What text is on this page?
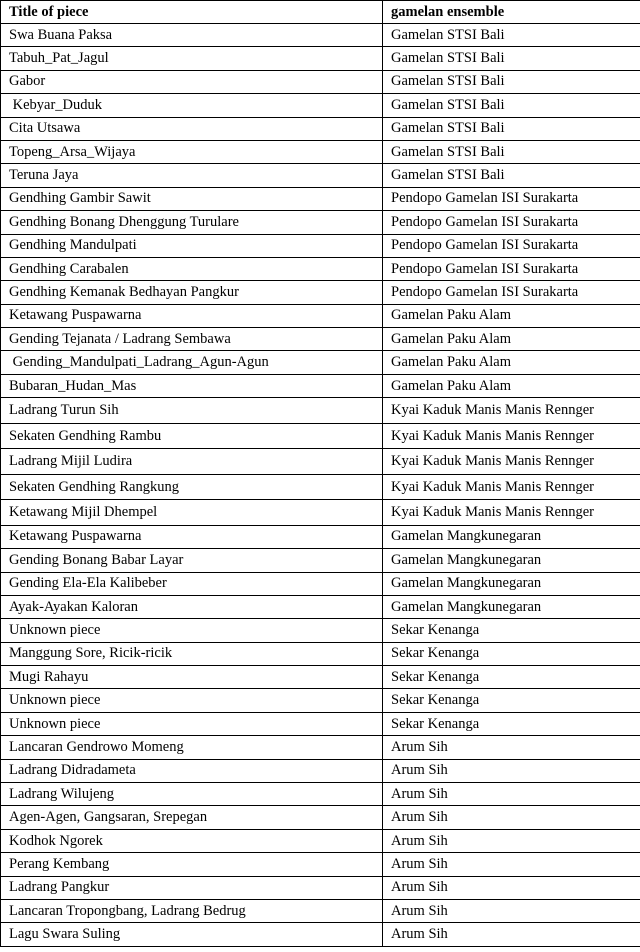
Title of piece	gamelan ensemble
Swa Buana Paksa	Gamelan STSI Bali
Tabuh_Pat_Jagul	Gamelan STSI Bali
Gabor	Gamelan STSI Bali
Kebyar_Duduk	Gamelan STSI Bali
Cita Utsawa	Gamelan STSI Bali
Topeng_Arsa_Wijaya	Gamelan STSI Bali
Teruna Jaya	Gamelan STSI Bali
Gendhing Gambir Sawit	Pendopo Gamelan ISI Surakarta
Gendhing Bonang Dhenggung Turulare	Pendopo Gamelan ISI Surakarta
Gendhing Mandulpati	Pendopo Gamelan ISI Surakarta
Gendhing Carabalen	Pendopo Gamelan ISI Surakarta
Gendhing Kemanak Bedhayan Pangkur	Pendopo Gamelan ISI Surakarta
Ketawang Puspawarna	Gamelan Paku Alam
Gending Tejanata / Ladrang Sembawa	Gamelan Paku Alam
Gending_Mandulpati_Ladrang_Agun-Agun	Gamelan Paku Alam
Bubaran_Hudan_Mas	Gamelan Paku Alam
Ladrang Turun Sih	Kyai Kaduk Manis Manis Rennger
Sekaten Gendhing Rambu	Kyai Kaduk Manis Manis Rennger
Ladrang Mijil Ludira	Kyai Kaduk Manis Manis Rennger
Sekaten Gendhing Rangkung	Kyai Kaduk Manis Manis Rennger
Ketawang Mijil Dhempel	Kyai Kaduk Manis Manis Rennger
Ketawang Puspawarna	Gamelan Mangkunegaran
Gending Bonang Babar Layar	Gamelan Mangkunegaran
Gending Ela-Ela Kalibeber	Gamelan Mangkunegaran
Ayak-Ayakan Kaloran	Gamelan Mangkunegaran
Unknown piece	Sekar Kenanga
Manggung Sore, Ricik-ricik	Sekar Kenanga
Mugi Rahayu	Sekar Kenanga
Unknown piece	Sekar Kenanga
Unknown piece	Sekar Kenanga
Lancaran Gendrowo Momeng	Arum Sih
Ladrang Didradameta	Arum Sih
Ladrang Wilujeng	Arum Sih
Agen-Agen, Gangsaran, Srepegan	Arum Sih
Kodhok Ngorek	Arum Sih
Perang Kembang	Arum Sih
Ladrang Pangkur	Arum Sih
Lancaran Tropongbang, Ladrang Bedrug	Arum Sih
Lagu Swara Suling	Arum Sih
